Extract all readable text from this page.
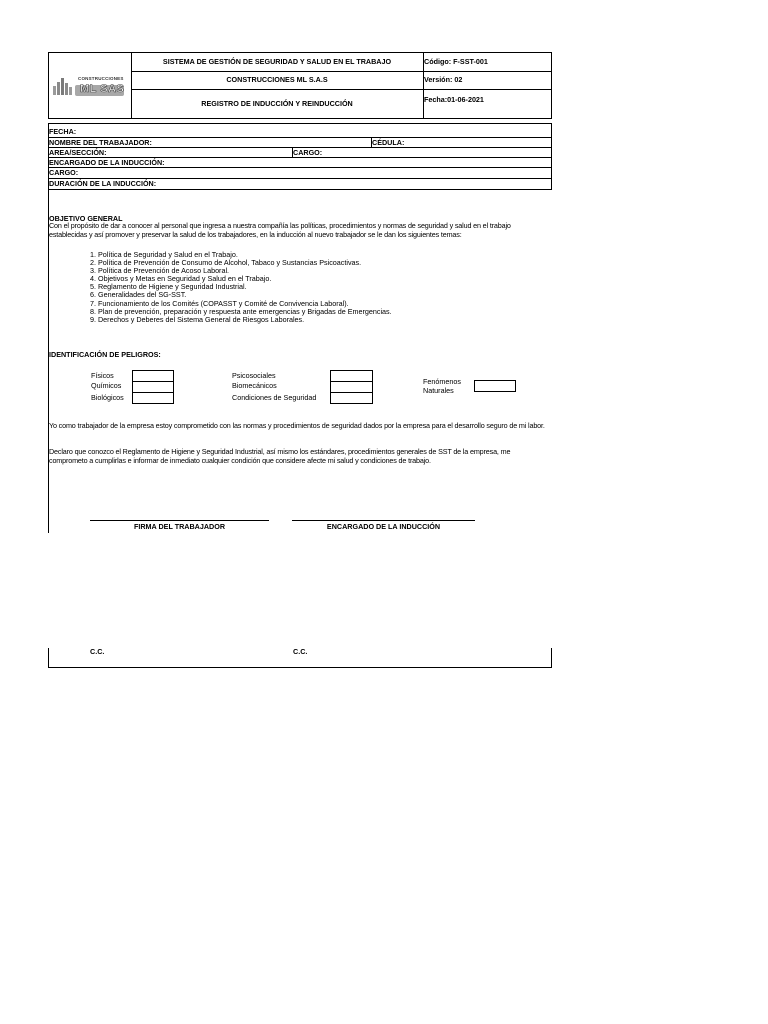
CONSTRUCCIONES
ML SAS
SISTEMA DE GESTIÓN DE SEGURIDAD Y SALUD EN EL TRABAJO
CONSTRUCCIONES ML S.A.S
REGISTRO DE INDUCCIÓN Y REINDUCCIÓN
Código: F-SST-001
Versión: 02
Fecha:01-06-2021
FECHA:
NOMBRE DEL TRABAJADOR:	CÉDULA:
AREA/SECCIÓN:	CARGO:
ENCARGADO DE LA INDUCCIÓN:
CARGO:
DURACIÓN DE LA INDUCCIÓN:
OBJETIVO GENERAL
Con el propósito de dar a conocer al personal que ingresa a nuestra compañía las políticas, procedimientos y normas de seguridad y salud en el trabajo establecidas y así promover y preservar la salud de los trabajadores, en la inducción al nuevo trabajador se le dan los siguientes temas:
1. Política de Seguridad y Salud en el Trabajo.
2. Política de Prevención de Consumo de Alcohol, Tabaco y Sustancias Psicoactivas.
3. Política de Prevención de Acoso Laboral.
4. Objetivos y Metas en Seguridad y Salud en el Trabajo.
5. Reglamento de Higiene y Seguridad Industrial.
6. Generalidades del SG-SST.
7. Funcionamiento de los Comités (COPASST y Comité de Convivencia Laboral).
8. Plan de prevención, preparación y respuesta ante emergencias y Brigadas de Emergencias.
9. Derechos y Deberes del Sistema General de Riesgos Laborales.
IDENTIFICACIÓN DE PELIGROS:
Físicos
Químicos
Biológicos
Psicosociales
Biomecánicos
Condiciones de Seguridad
Fenómenos
Naturales
Yo como trabajador de la empresa estoy comprometido con las normas y procedimientos de seguridad dados por la empresa para el desarrollo seguro de mi labor.
Declaro que conozco el Reglamento de Higiene y Seguridad Industrial, así mismo los estándares, procedimientos generales de SST de la empresa, me comprometo a cumplirlas e informar de inmediato cualquier condición que considere afecte mi salud y condiciones de trabajo.
FIRMA DEL TRABAJADOR	ENCARGADO DE LA INDUCCIÓN
C.C.	C.C.
